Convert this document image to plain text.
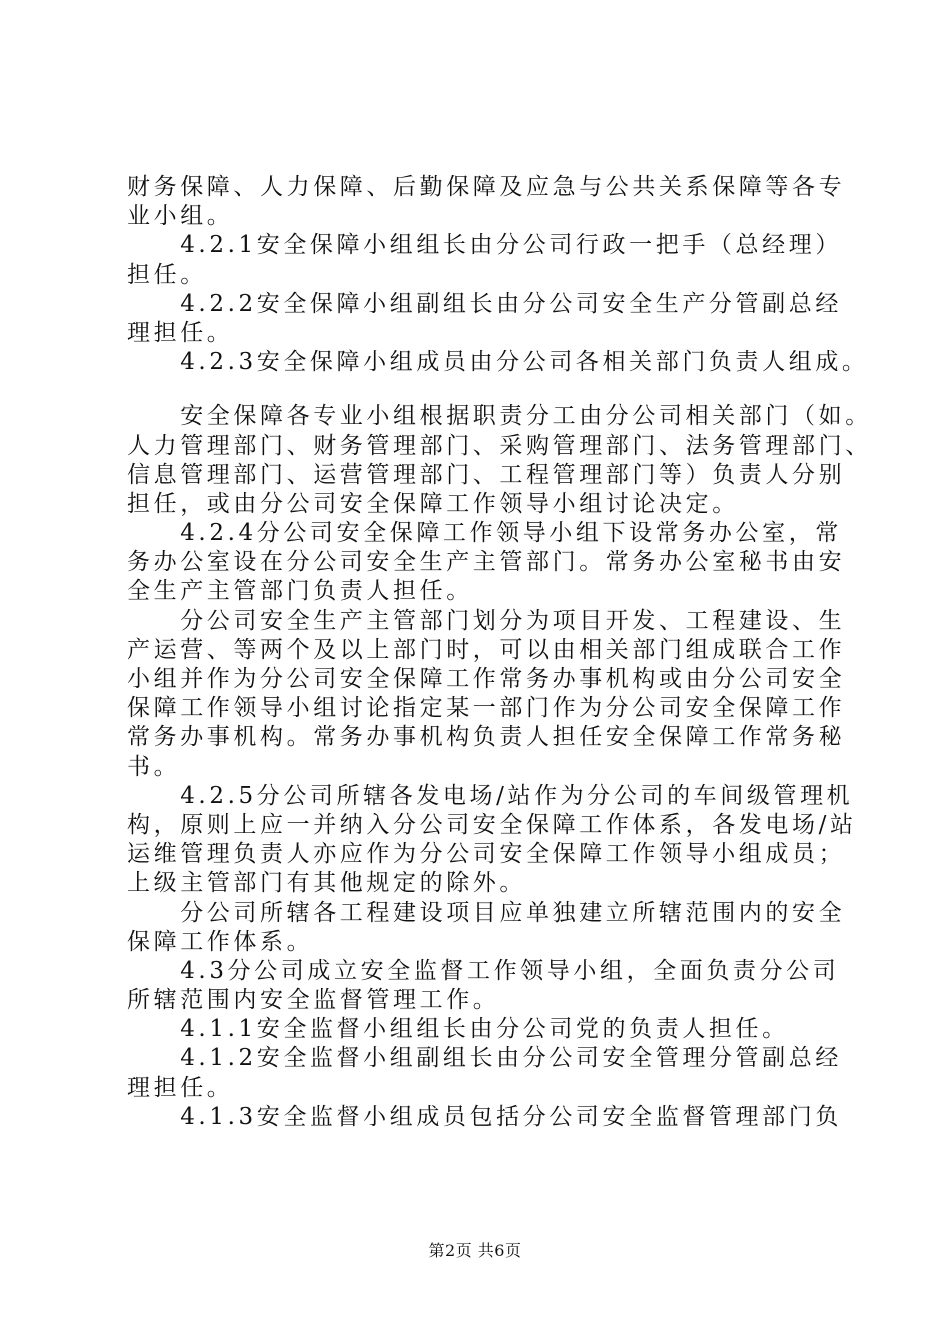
财务保障、人力保障、后勤保障及应急与公共关系保障等各专
业小组。
　　4.2.1安全保障小组组长由分公司行政一把手（总经理）
担任。
　　4.2.2安全保障小组副组长由分公司安全生产分管副总经
理担任。
　　4.2.3安全保障小组成员由分公司各相关部门负责人组成。
　　安全保障各专业小组根据职责分工由分公司相关部门（如。
人力管理部门、财务管理部门、采购管理部门、法务管理部门、
信息管理部门、运营管理部门、工程管理部门等）负责人分别
担任，或由分公司安全保障工作领导小组讨论决定。
　　4.2.4分公司安全保障工作领导小组下设常务办公室，常
务办公室设在分公司安全生产主管部门。常务办公室秘书由安
全生产主管部门负责人担任。
　　分公司安全生产主管部门划分为项目开发、工程建设、生
产运营、等两个及以上部门时，可以由相关部门组成联合工作
小组并作为分公司安全保障工作常务办事机构或由分公司安全
保障工作领导小组讨论指定某一部门作为分公司安全保障工作
常务办事机构。常务办事机构负责人担任安全保障工作常务秘
书。
　　4.2.5分公司所辖各发电场/站作为分公司的车间级管理机
构，原则上应一并纳入分公司安全保障工作体系，各发电场/站
运维管理负责人亦应作为分公司安全保障工作领导小组成员；
上级主管部门有其他规定的除外。
　　分公司所辖各工程建设项目应单独建立所辖范围内的安全
保障工作体系。
　　4.3分公司成立安全监督工作领导小组，全面负责分公司
所辖范围内安全监督管理工作。
　　4.1.1安全监督小组组长由分公司党的负责人担任。
　　4.1.2安全监督小组副组长由分公司安全管理分管副总经
理担任。
　　4.1.3安全监督小组成员包括分公司安全监督管理部门负
第2页 共6页
